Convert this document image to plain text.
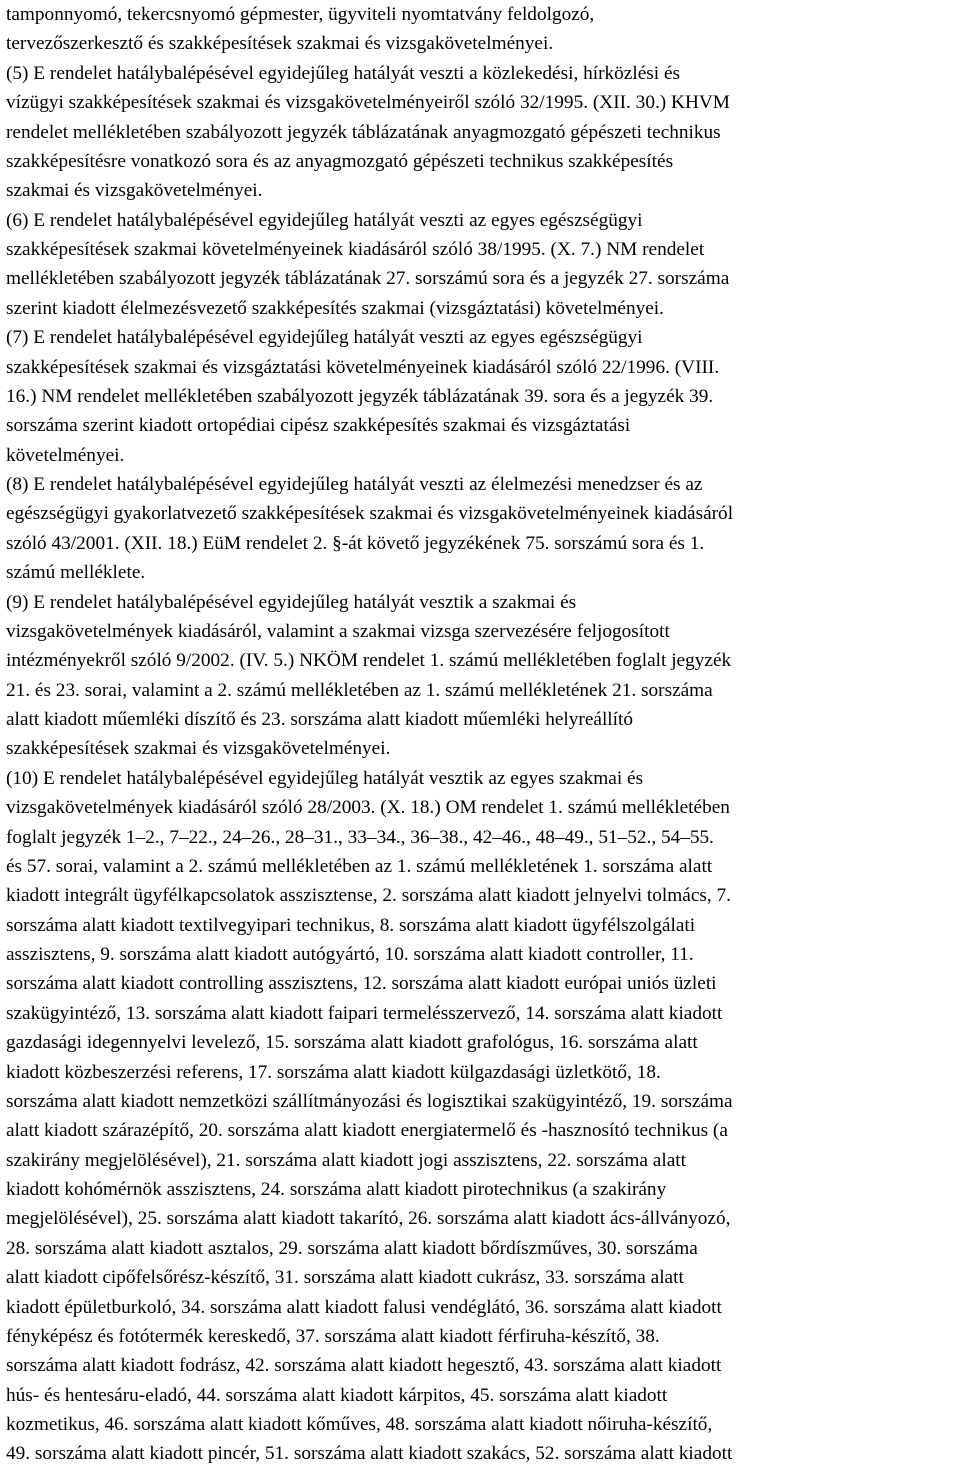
tamponnyomó, tekercsnyomó gépmester, ügyviteli nyomtatvány feldolgozó,
tervezőszerkesztő és szakképesítések szakmai és vizsgakövetelményei.
(5) E rendelet hatálybalépésével egyidejűleg hatályát veszti a közlekedési, hírközlési és
vízügyi szakképesítések szakmai és vizsgakövetelményeiről szóló 32/1995. (XII. 30.) KHVM
rendelet mellékletében szabályozott jegyzék táblázatának anyagmozgató gépészeti technikus
szakképesítésre vonatkozó sora és az anyagmozgató gépészeti technikus szakképesítés
szakmai és vizsgakövetelményei.
(6) E rendelet hatálybalépésével egyidejűleg hatályát veszti az egyes egészségügyi
szakképesítések szakmai követelményeinek kiadásáról szóló 38/1995. (X. 7.) NM rendelet
mellékletében szabályozott jegyzék táblázatának 27. sorszámú sora és a jegyzék 27. sorszáma
szerint kiadott élelmezésvezető szakképesítés szakmai (vizsgáztatási) követelményei.
(7) E rendelet hatálybalépésével egyidejűleg hatályát veszti az egyes egészségügyi
szakképesítések szakmai és vizsgáztatási követelményeinek kiadásáról szóló 22/1996. (VIII.
16.) NM rendelet mellékletében szabályozott jegyzék táblázatának 39. sora és a jegyzék 39.
sorszáma szerint kiadott ortopédiai cipész szakképesítés szakmai és vizsgáztatási
követelményei.
(8) E rendelet hatálybalépésével egyidejűleg hatályát veszti az élelmezési menedzser és az
egészségügyi gyakorlatvezető szakképesítések szakmai és vizsgakövetelményeinek kiadásáról
szóló 43/2001. (XII. 18.) EüM rendelet 2. §-át követő jegyzékének 75. sorszámú sora és 1.
számú melléklete.
(9) E rendelet hatálybalépésével egyidejűleg hatályát vesztik a szakmai és
vizsgakövetelmények kiadásáról, valamint a szakmai vizsga szervezésére feljogosított
intézményekről szóló 9/2002. (IV. 5.) NKÖM rendelet 1. számú mellékletében foglalt jegyzék
21. és 23. sorai, valamint a 2. számú mellékletében az 1. számú mellékletének 21. sorszáma
alatt kiadott műemléki díszítő és 23. sorszáma alatt kiadott műemléki helyreállító
szakképesítések szakmai és vizsgakövetelményei.
(10) E rendelet hatálybalépésével egyidejűleg hatályát vesztik az egyes szakmai és
vizsgakövetelmények kiadásáról szóló 28/2003. (X. 18.) OM rendelet 1. számú mellékletében
foglalt jegyzék 1–2., 7–22., 24–26., 28–31., 33–34., 36–38., 42–46., 48–49., 51–52., 54–55.
és 57. sorai, valamint a 2. számú mellékletében az 1. számú mellékletének 1. sorszáma alatt
kiadott integrált ügyfélkapcsolatok asszisztense, 2. sorszáma alatt kiadott jelnyelvi tolmács, 7.
sorszáma alatt kiadott textilvegyipari technikus, 8. sorszáma alatt kiadott ügyfélszolgálati
asszisztens, 9. sorszáma alatt kiadott autógyártó, 10. sorszáma alatt kiadott controller, 11.
sorszáma alatt kiadott controlling asszisztens, 12. sorszáma alatt kiadott európai uniós üzleti
szakügyintéző, 13. sorszáma alatt kiadott faipari termelésszervező, 14. sorszáma alatt kiadott
gazdasági idegennyelvi levelező, 15. sorszáma alatt kiadott grafológus, 16. sorszáma alatt
kiadott közbeszerzési referens, 17. sorszáma alatt kiadott külgazdasági üzletkötő, 18.
sorszáma alatt kiadott nemzetközi szállítmányozási és logisztikai szakügyintéző, 19. sorszáma
alatt kiadott szárazépítő, 20. sorszáma alatt kiadott energiatermelő és -hasznosító technikus (a
szakirány megjelölésével), 21. sorszáma alatt kiadott jogi asszisztens, 22. sorszáma alatt
kiadott kohómérnök asszisztens, 24. sorszáma alatt kiadott pirotechnikus (a szakirány
megjelölésével), 25. sorszáma alatt kiadott takarító, 26. sorszáma alatt kiadott ács-állványozó,
28. sorszáma alatt kiadott asztalos, 29. sorszáma alatt kiadott bőrdíszműves, 30. sorszáma
alatt kiadott cipőfelsőrész-készítő, 31. sorszáma alatt kiadott cukrász, 33. sorszáma alatt
kiadott épületburkoló, 34. sorszáma alatt kiadott falusi vendéglátó, 36. sorszáma alatt kiadott
fényképész és fotótermék kereskedő, 37. sorszáma alatt kiadott férfiruha-készítő, 38.
sorszáma alatt kiadott fodrász, 42. sorszáma alatt kiadott hegesztő, 43. sorszáma alatt kiadott
hús- és hentesáru-eladó, 44. sorszáma alatt kiadott kárpitos, 45. sorszáma alatt kiadott
kozmetikus, 46. sorszáma alatt kiadott kőműves, 48. sorszáma alatt kiadott nőiruha-készítő,
49. sorszáma alatt kiadott pincér, 51. sorszáma alatt kiadott szakács, 52. sorszáma alatt kiadott
